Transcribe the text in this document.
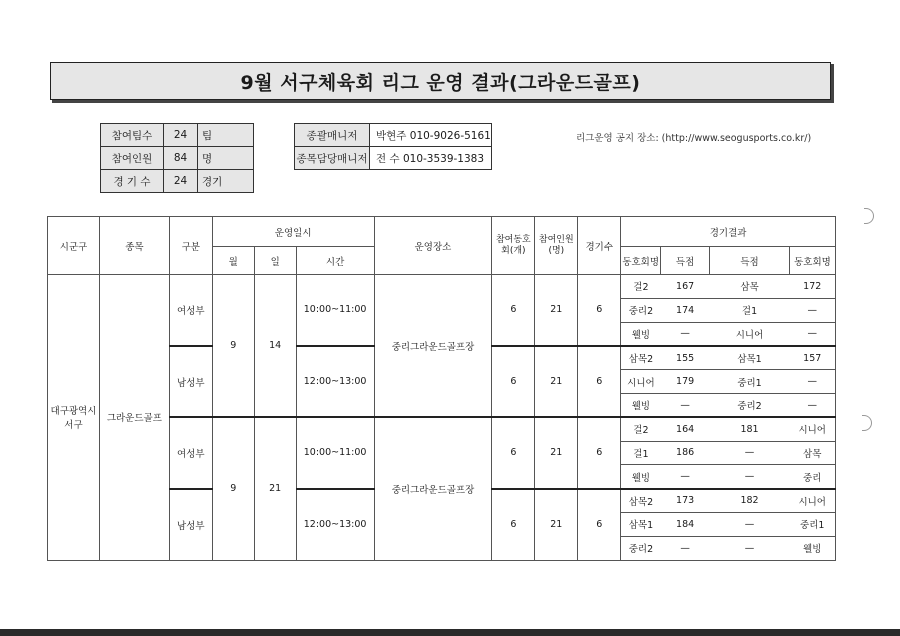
9월 서구체육회 리그 운영 결과(그라운드골프)
참여팀수	24	팀
참여인원	84	명
경 기 수	24	경기
종괄매니저	박현주 010-9026-5161
종목담당매니저	전 수 010-3539-1383
리그운영 공지 장소: (http://www.seogusports.co.kr/)
시군구	종목	구분	운영일시			운영장소	참여동호회(개)	참여인원(명)	경기수	경기결과			
			월	일	시간					동호회명	득점	득점	동호회명
대구광역시 서구	그라운드골프	여성부	9	14	10:00~11:00	중리그라운드골프장	6	21	6	걸2	167	삼목	172
										중리2	174	걸1	—
										웰빙	—	시니어	—
		남성부			12:00~13:00		6	21	6	삼목2	155	삼목1	157
										시니어	179	중리1	—
										웰빙	—	중리2	—
		여성부	9	21	10:00~11:00	중리그라운드골프장	6	21	6	걸2	164	181	시니어
										걸1	186	—	삼목
										웰빙	—	—	중리
		남성부			12:00~13:00		6	21	6	삼목2	173	182	시니어
										삼목1	184	—	중리1
										중리2	—	—	웰빙
